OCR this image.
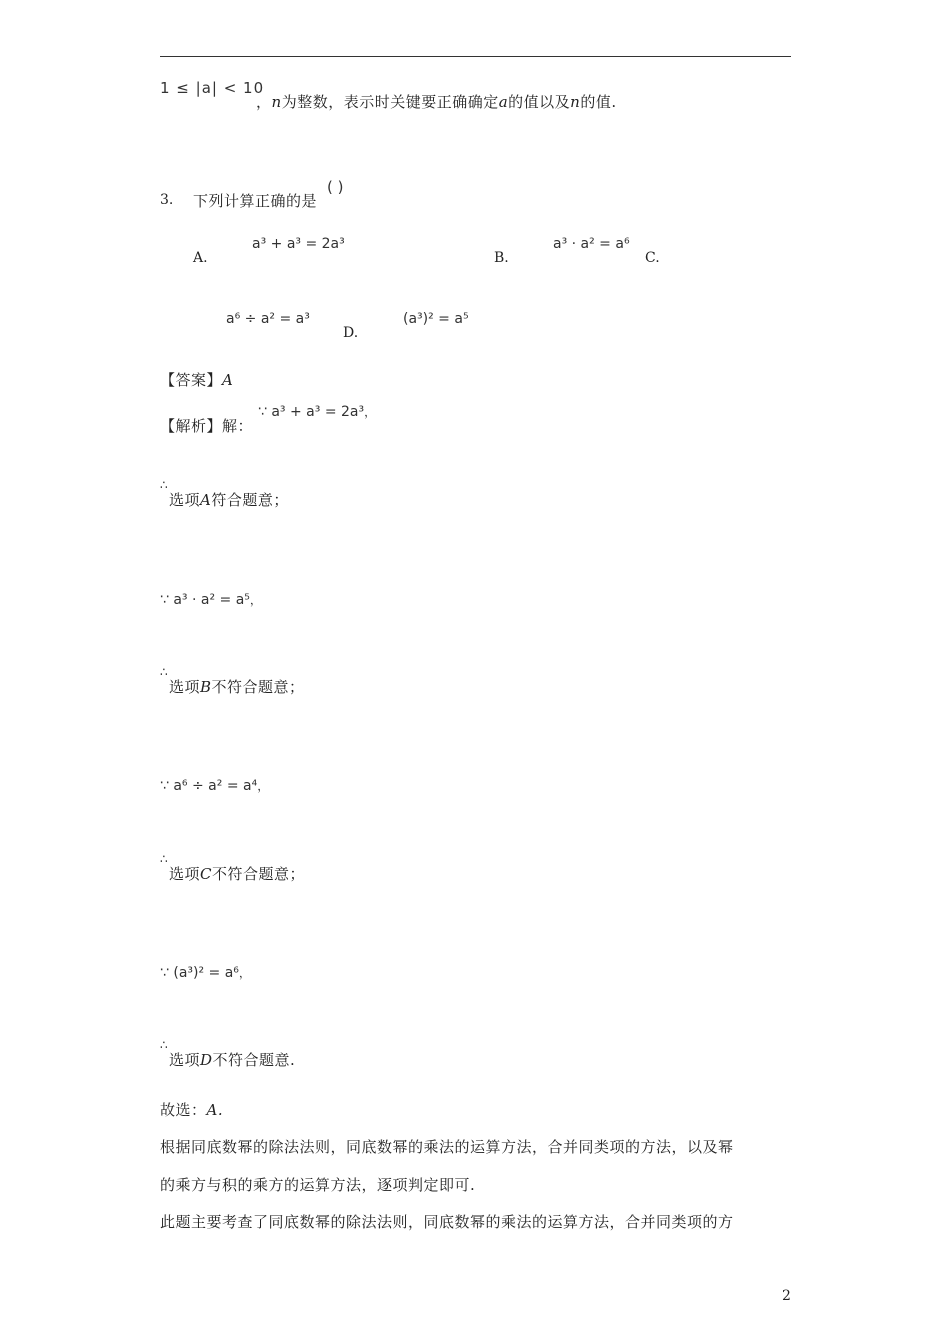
1 ≤ |a| < 10
，n为整数，表示时关键要正确确定a的值以及n的值.
3. 下列计算正确的是
( )
A.
a³ + a³ = 2a³
B.
a³ · a² = a⁶
C.
a⁶ ÷ a² = a³
D.
(a³)² = a⁵
【答案】A
【解析】解：
∵ a³ + a³ = 2a³，
∴
选项A符合题意；
∵ a³ · a² = a⁵，
∴
选项B不符合题意；
∵ a⁶ ÷ a² = a⁴，
∴
选项C不符合题意；
∵ (a³)² = a⁶，
∴
选项D不符合题意.
故选：A.
根据同底数幂的除法法则，同底数幂的乘法的运算方法，合并同类项的方法，以及幂
的乘方与积的乘方的运算方法，逐项判定即可.
此题主要考查了同底数幂的除法法则，同底数幂的乘法的运算方法，合并同类项的方
2
